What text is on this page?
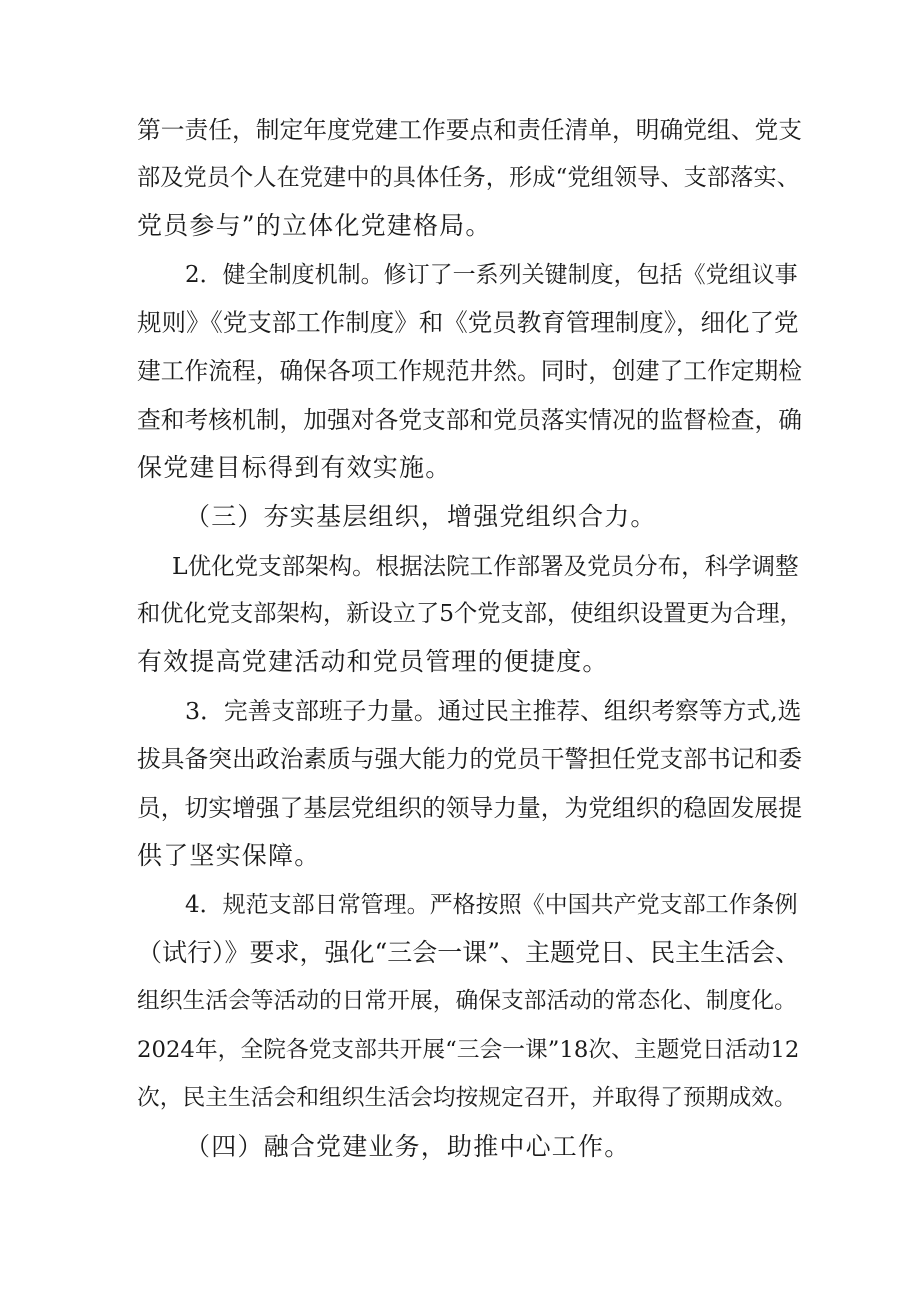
第一责任，制定年度党建工作要点和责任清单，明确党组、党支
部及党员个人在党建中的具体任务，形成“党组领导、支部落实、
党员参与”的立体化党建格局。
2．健全制度机制。修订了一系列关键制度，包括《党组议事
规则》《党支部工作制度》和《党员教育管理制度》，细化了党
建工作流程，确保各项工作规范井然。同时，创建了工作定期检
查和考核机制，加强对各党支部和党员落实情况的监督检查，确
保党建目标得到有效实施。
（三）夯实基层组织，增强党组织合力。
L优化党支部架构。根据法院工作部署及党员分布，科学调整
和优化党支部架构，新设立了5个党支部，使组织设置更为合理，
有效提高党建活动和党员管理的便捷度。
3．完善支部班子力量。通过民主推荐、组织考察等方式,选
拔具备突出政治素质与强大能力的党员干警担任党支部书记和委
员，切实增强了基层党组织的领导力量，为党组织的稳固发展提
供了坚实保障。
4．规范支部日常管理。严格按照《中国共产党支部工作条例
（试行）》要求，强化“三会一课”、主题党日、民主生活会、
组织生活会等活动的日常开展，确保支部活动的常态化、制度化。
2024年，全院各党支部共开展“三会一课”18次、主题党日活动12
次，民主生活会和组织生活会均按规定召开，并取得了预期成效。
（四）融合党建业务，助推中心工作。
